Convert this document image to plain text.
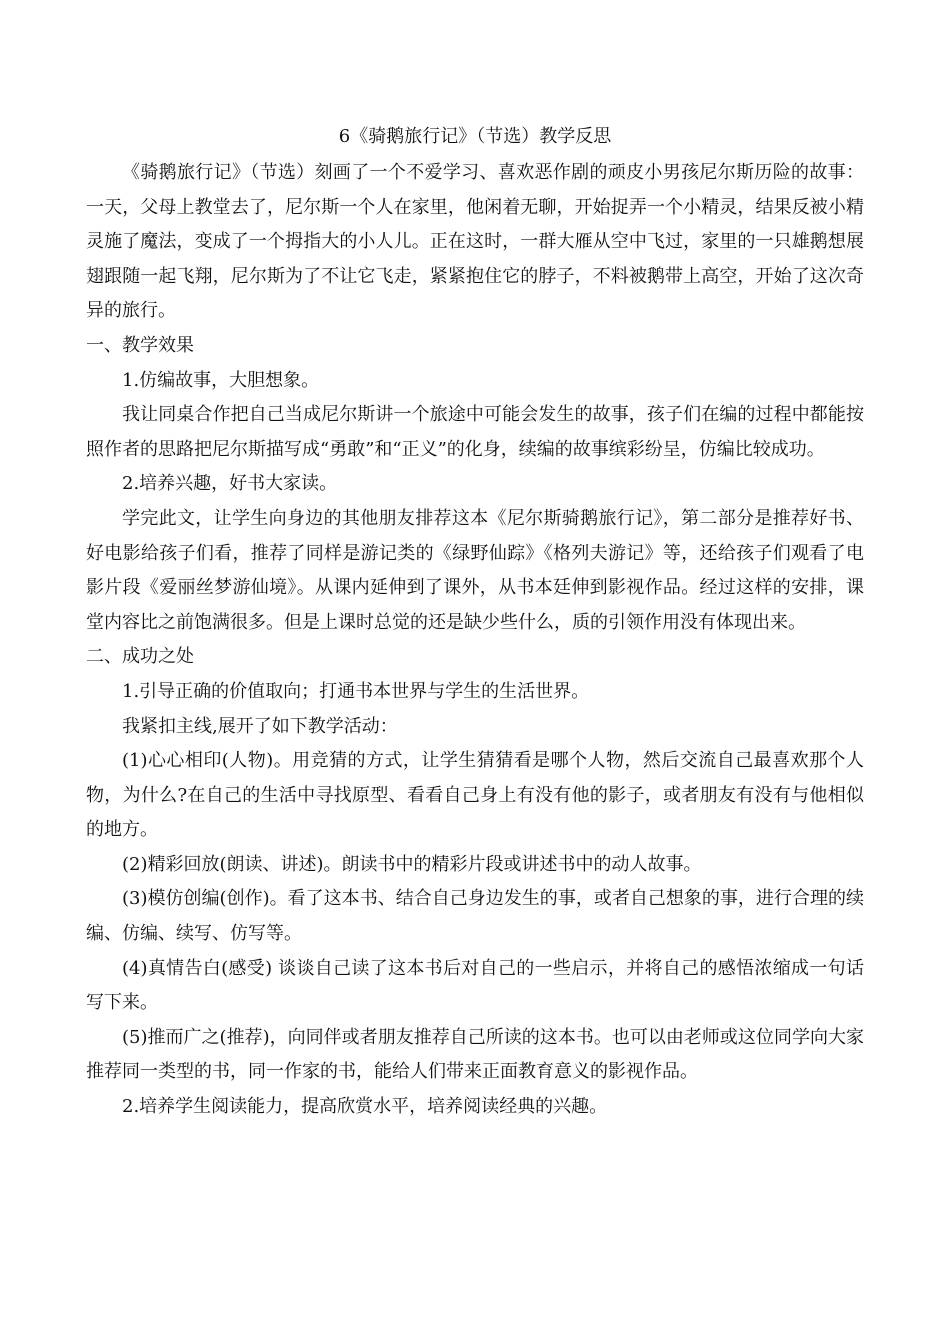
6《骑鹅旅行记》（节选）教学反思

《骑鹅旅行记》（节选）刻画了一个不爱学习、喜欢恶作剧的顽皮小男孩尼尔斯历险的故事：一天，父母上教堂去了，尼尔斯一个人在家里，他闲着无聊，开始捉弄一个小精灵，结果反被小精灵施了魔法，变成了一个拇指大的小人儿。正在这时，一群大雁从空中飞过，家里的一只雄鹅想展翅跟随一起飞翔，尼尔斯为了不让它飞走，紧紧抱住它的脖子，不料被鹅带上高空，开始了这次奇异的旅行。

一、教学效果

1.仿编故事，大胆想象。

我让同桌合作把自己当成尼尔斯讲一个旅途中可能会发生的故事，孩子们在编的过程中都能按照作者的思路把尼尔斯描写成“勇敢”和“正义”的化身，续编的故事缤彩纷呈，仿编比较成功。

2.培养兴趣，好书大家读。

学完此文，让学生向身边的其他朋友排荐这本《尼尔斯骑鹅旅行记》，第二部分是推荐好书、好电影给孩子们看，推荐了同样是游记类的《绿野仙踪》《格列夫游记》等，还给孩子们观看了电影片段《爱丽丝梦游仙境》。从课内延伸到了课外，从书本廷伸到影视作品。经过这样的安排，课堂内容比之前饱满很多。但是上课时总觉的还是缺少些什么，质的引领作用没有体现出来。

二、成功之处

1.引导正确的价值取向；打通书本世界与学生的生活世界。

我紧扣主线,展开了如下教学活动：

(1)心心相印(人物)。用竞猜的方式，让学生猜猜看是哪个人物，然后交流自己最喜欢那个人物，为什么?在自己的生活中寻找原型、看看自己身上有没有他的影子，或者朋友有没有与他相似的地方。

(2)精彩回放(朗读、讲述)。朗读书中的精彩片段或讲述书中的动人故事。

(3)模仿创编(创作)。看了这本书、结合自己身边发生的事，或者自己想象的事，进行合理的续编、仿编、续写、仿写等。

(4)真情告白(感受) 谈谈自己读了这本书后对自己的一些启示，并将自己的感悟浓缩成一句话写下来。

(5)推而广之(推荐)，向同伴或者朋友推荐自己所读的这本书。也可以由老师或这位同学向大家推荐同一类型的书，同一作家的书，能给人们带来正面教育意义的影视作品。

2.培养学生阅读能力，提高欣赏水平，培养阅读经典的兴趣。
